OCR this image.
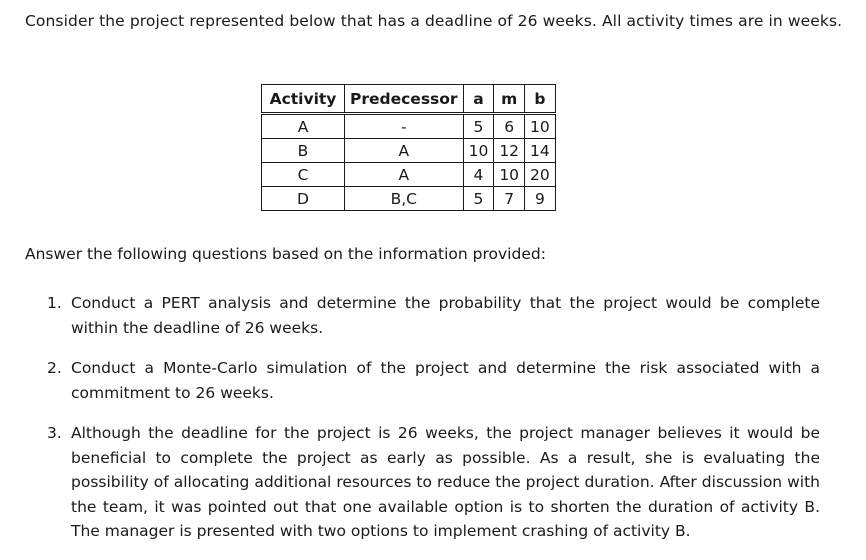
Consider the project represented below that has a deadline of 26 weeks. All activity times are in weeks.

Activity	Predecessor	a	m	b
A	-	5	6	10
B	A	10	12	14
C	A	4	10	20
D	B,C	5	7	9

Answer the following questions based on the information provided:

1. Conduct a PERT analysis and determine the probability that the project would be complete within the deadline of 26 weeks.
2. Conduct a Monte-Carlo simulation of the project and determine the risk associated with a commitment to 26 weeks.
3. Although the deadline for the project is 26 weeks, the project manager believes it would be beneficial to complete the project as early as possible. As a result, she is evaluating the possibility of allocating additional resources to reduce the project duration. After discussion with the team, it was pointed out that one available option is to shorten the duration of activity B. The manager is presented with two options to implement crashing of activity B.
